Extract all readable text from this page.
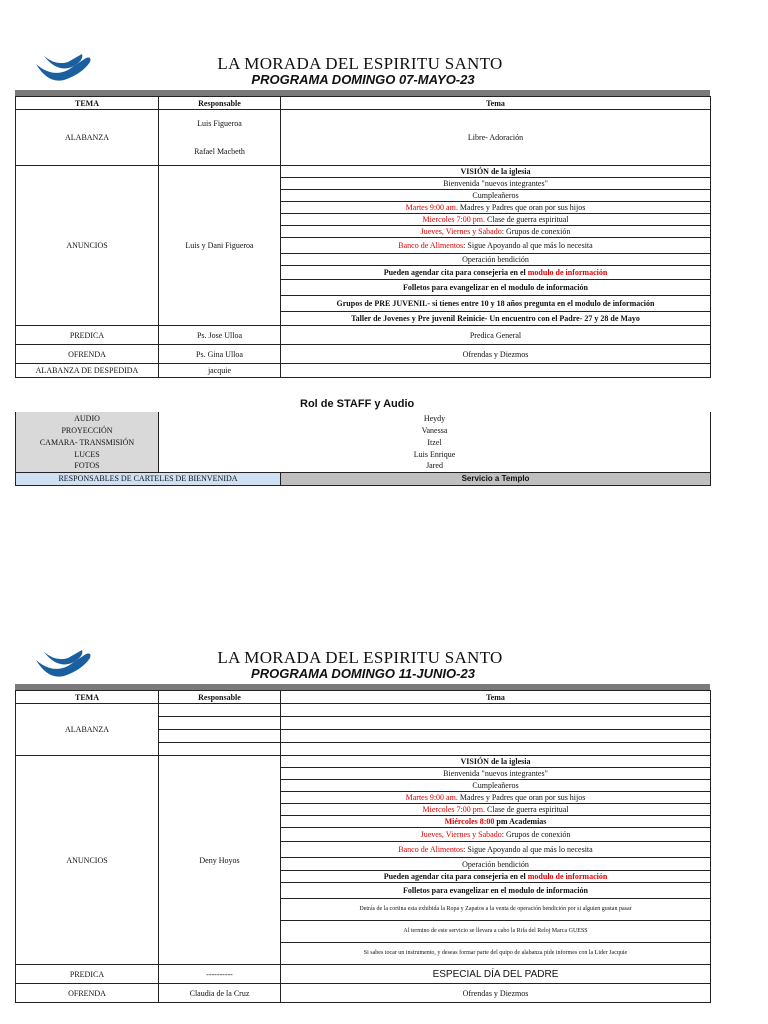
LA MORADA DEL ESPIRITU SANTO
PROGRAMA DOMINGO 07-MAYO-23
TEMA	Responsable	Tema
ALABANZA	Luis Figueroa	Libre- Adoración
	Rafael Macbeth	
ANUNCIOS	Luis y Dani Figueroa	VISIÓN de la iglesia
		Bienvenida "nuevos integrantes"
		Cumpleañeros
		Martes 9:00 am. Madres y Padres que oran por sus hijos
		Miercoles 7:00 pm. Clase de guerra espiritual
		Jueves, Viernes y Sabado: Grupos de conexión
		Banco de Alimentos: Sigue Apoyando al que más lo necesita
		Operación bendición
		Pueden agendar cita para consejeria en el modulo de información
		Folletos para evangelizar en el modulo de información
		Grupos de PRE JUVENIL- si tienes entre 10 y 18 años pregunta en el modulo de información
		Taller de Jovenes y Pre juvenil Reinicie- Un encuentro con el Padre- 27 y 28 de Mayo
PREDICA	Ps. Jose Ulloa	Predica General
OFRENDA	Ps. Gina Ulloa	Ofrendas y Diezmos
ALABANZA DE DESPEDIDA	jacquie	
Rol de STAFF y Audio
AUDIO	Heydy	
PROYECCIÓN	Vanessa	
CAMARA- TRANSMISIÓN	Itzel	
LUCES	Luis Enrique	
FOTOS	Jared	
RESPONSABLES DE CARTELES DE BIENVENIDA		Servicio a Templo
LA MORADA DEL ESPIRITU SANTO
PROGRAMA DOMINGO 11-JUNIO-23
TEMA	Responsable	Tema
ALABANZA		

ANUNCIOS	Deny Hoyos	VISIÓN de la iglesia
		Bienvenida "nuevos integrantes"
		Cumpleañeros
		Martes 9:00 am. Madres y Padres que oran por sus hijos
		Miercoles 7:00 pm. Clase de guerra espiritual
		Miércoles 8:00 pm Academias
		Jueves, Viernes y Sabado: Grupos de conexión
		Banco de Alimentos: Sigue Apoyando al que más lo necesita
		Operación bendición
		Pueden agendar cita para consejeria en el modulo de información
		Folletos para evangelizar en el modulo de información
		Detrás de la cortina esta exhibida la Ropa y Zapatos a la venta de operación bendición por si alguien gustan pasar
		Al termino de este servicio se llevara a cabo la Rifa del Reloj Marca GUESS
		Si sabes tocar un instrumento, y deseas formar parte del quipo de alabanza pide informes con la Lider Jacquie
PREDICA	----------	ESPECIAL DÍA DEL PADRE
OFRENDA	Claudia de la Cruz	Ofrendas y Diezmos
